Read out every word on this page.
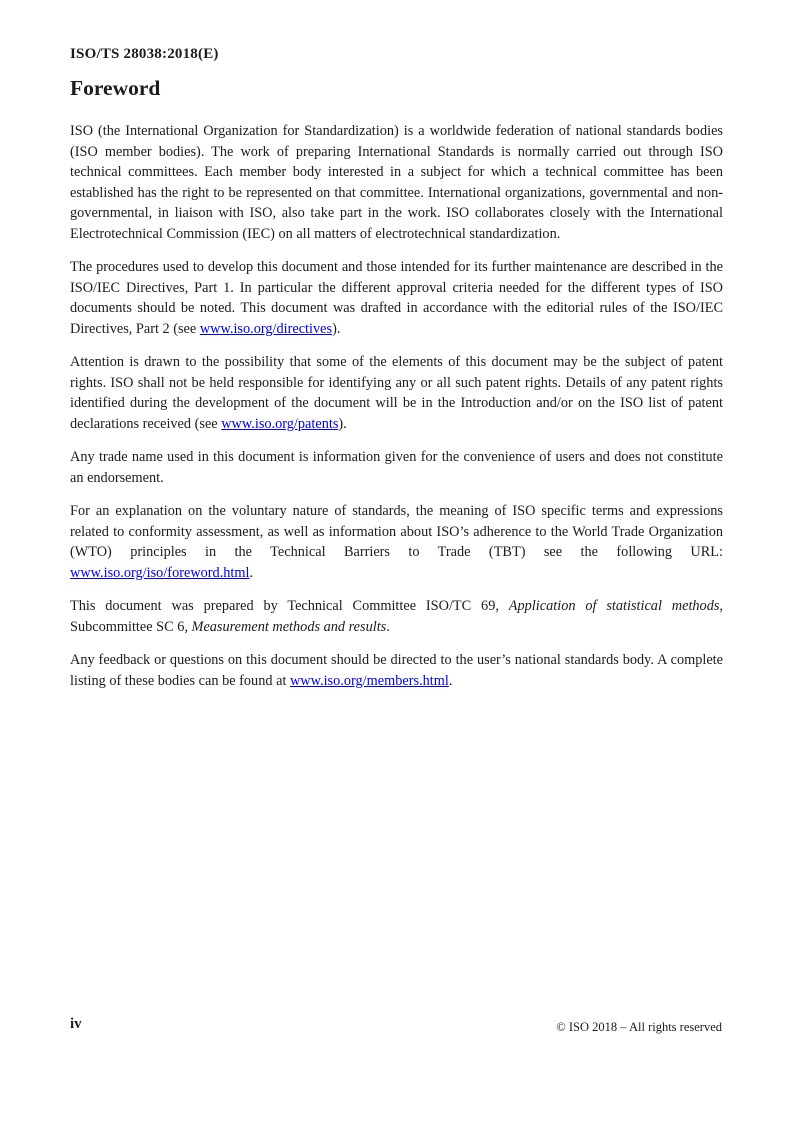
ISO/TS 28038:2018(E)
Foreword

ISO (the International Organization for Standardization) is a worldwide federation of national standards bodies (ISO member bodies). The work of preparing International Standards is normally carried out through ISO technical committees. Each member body interested in a subject for which a technical committee has been established has the right to be represented on that committee. International organizations, governmental and non-governmental, in liaison with ISO, also take part in the work. ISO collaborates closely with the International Electrotechnical Commission (IEC) on all matters of electrotechnical standardization.

The procedures used to develop this document and those intended for its further maintenance are described in the ISO/IEC Directives, Part 1. In particular the different approval criteria needed for the different types of ISO documents should be noted. This document was drafted in accordance with the editorial rules of the ISO/IEC Directives, Part 2 (see www.iso.org/directives).

Attention is drawn to the possibility that some of the elements of this document may be the subject of patent rights. ISO shall not be held responsible for identifying any or all such patent rights. Details of any patent rights identified during the development of the document will be in the Introduction and/or on the ISO list of patent declarations received (see www.iso.org/patents).

Any trade name used in this document is information given for the convenience of users and does not constitute an endorsement.

For an explanation on the voluntary nature of standards, the meaning of ISO specific terms and expressions related to conformity assessment, as well as information about ISO’s adherence to the World Trade Organization (WTO) principles in the Technical Barriers to Trade (TBT) see the following URL: www.iso.org/iso/foreword.html.

This document was prepared by Technical Committee ISO/TC 69, Application of statistical methods, Subcommittee SC 6, Measurement methods and results.

Any feedback or questions on this document should be directed to the user’s national standards body. A complete listing of these bodies can be found at www.iso.org/members.html.

iv	© ISO 2018 – All rights reserved
